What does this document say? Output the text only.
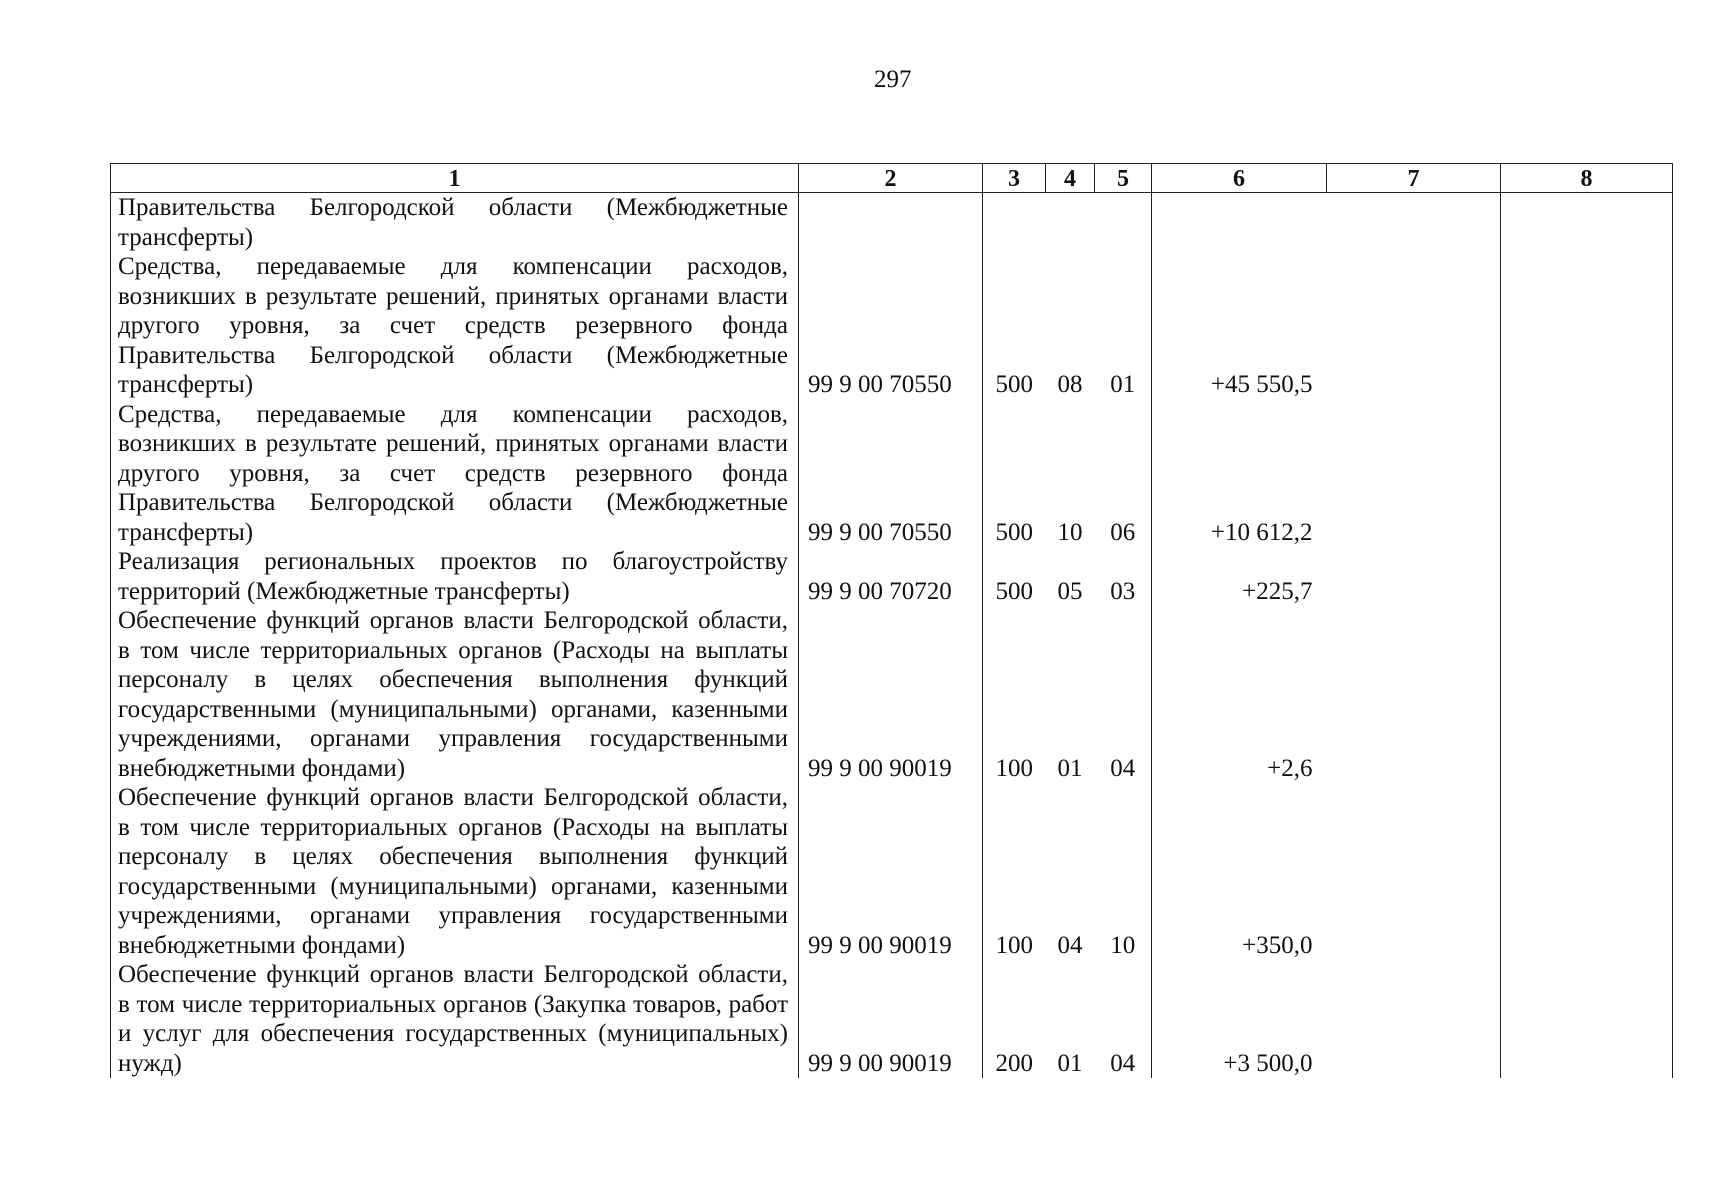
297
1	2	3	4	5	6	7	8

Правительства Белгородской области (Межбюджетные трансферты)							

Средства, передаваемые для компенсации расходов, возникших в результате решений, принятых органами власти другого уровня, за счет средств резервного фонда Правительства Белгородской области (Межбюджетные трансферты)	99 9 00 70550	500	08	01	+45 550,5		

Средства, передаваемые для компенсации расходов, возникших в результате решений, принятых органами власти другого уровня, за счет средств резервного фонда Правительства Белгородской области (Межбюджетные трансферты)	99 9 00 70550	500	10	06	+10 612,2		

Реализация региональных проектов по благоустройству территорий (Межбюджетные трансферты)	99 9 00 70720	500	05	03	+225,7		

Обеспечение функций органов власти Белгородской области, в том числе территориальных органов (Расходы на выплаты персоналу в целях обеспечения выполнения функций государственными (муниципальными) органами, казенными учреждениями, органами управления государственными внебюджетными фондами)	99 9 00 90019	100	01	04	+2,6		

Обеспечение функций органов власти Белгородской области, в том числе территориальных органов (Расходы на выплаты персоналу в целях обеспечения выполнения функций государственными (муниципальными) органами, казенными учреждениями, органами управления государственными внебюджетными фондами)	99 9 00 90019	100	04	10	+350,0		

Обеспечение функций органов власти Белгородской области, в том числе территориальных органов (Закупка товаров, работ и услуг для обеспечения государственных (муниципальных) нужд)	99 9 00 90019	200	01	04	+3 500,0		
